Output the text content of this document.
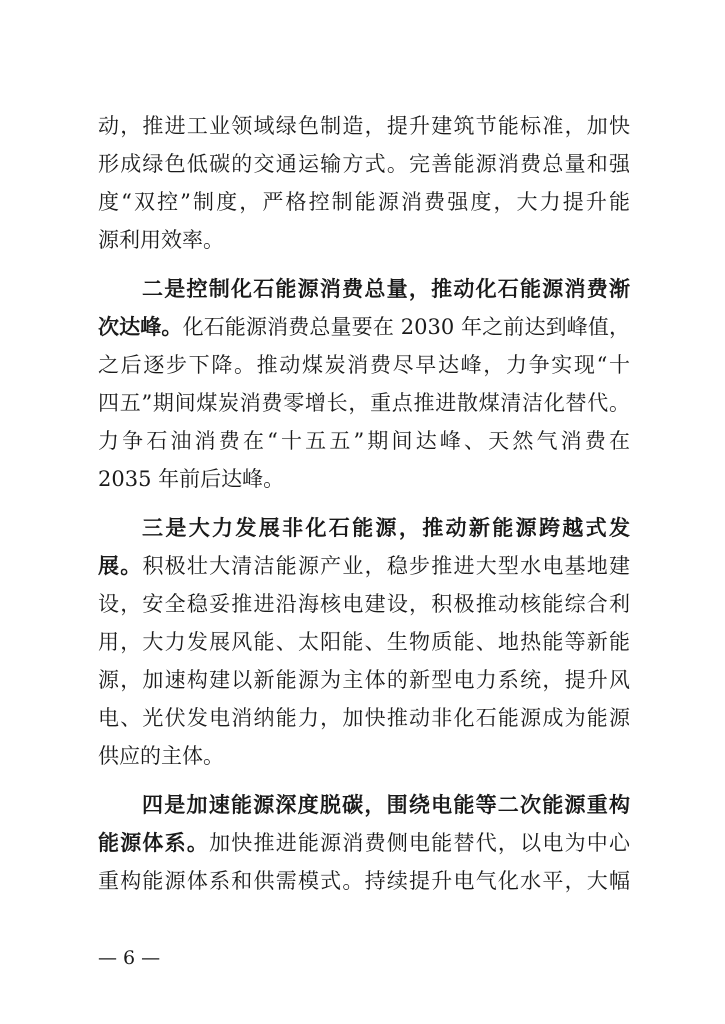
动，推进工业领域绿色制造，提升建筑节能标准，加快
形成绿色低碳的交通运输方式。完善能源消费总量和强
度“双控”制度，严格控制能源消费强度，大力提升能
源利用效率。
二是控制化石能源消费总量，推动化石能源消费渐
次达峰。化石能源消费总量要在 2030 年之前达到峰值，
之后逐步下降。推动煤炭消费尽早达峰，力争实现“十
四五”期间煤炭消费零增长，重点推进散煤清洁化替代。
力争石油消费在“十五五”期间达峰、天然气消费在
2035 年前后达峰。
三是大力发展非化石能源，推动新能源跨越式发
展。积极壮大清洁能源产业，稳步推进大型水电基地建
设，安全稳妥推进沿海核电建设，积极推动核能综合利
用，大力发展风能、太阳能、生物质能、地热能等新能
源，加速构建以新能源为主体的新型电力系统，提升风
电、光伏发电消纳能力，加快推动非化石能源成为能源
供应的主体。
四是加速能源深度脱碳，围绕电能等二次能源重构
能源体系。加快推进能源消费侧电能替代，以电为中心
重构能源体系和供需模式。持续提升电气化水平，大幅
— 6 —
